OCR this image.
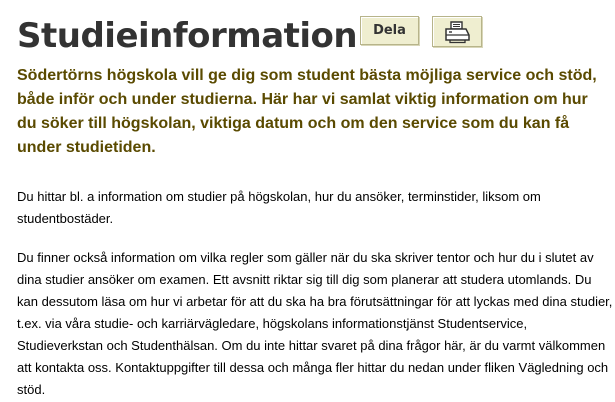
Studieinformation	Dela

Södertörns högskola vill ge dig som student bästa möjliga service och stöd, både inför och under studierna. Här har vi samlat viktig information om hur du söker till högskolan, viktiga datum och om den service som du kan få under studietiden.

Du hittar bl. a information om studier på högskolan, hur du ansöker, terminstider, liksom om studentbostäder.

Du finner också information om vilka regler som gäller när du ska skriver tentor och hur du i slutet av dina studier ansöker om examen. Ett avsnitt riktar sig till dig som planerar att studera utomlands. Du kan dessutom läsa om hur vi arbetar för att du ska ha bra förutsättningar för att lyckas med dina studier, t.ex. via våra studie- och karriärvägledare, högskolans informationstjänst Studentservice, Studieverkstan och Studenthälsan. Om du inte hittar svaret på dina frågor här, är du varmt välkommen att kontakta oss. Kontaktuppgifter till dessa och många fler hittar du nedan under fliken Vägledning och stöd.
